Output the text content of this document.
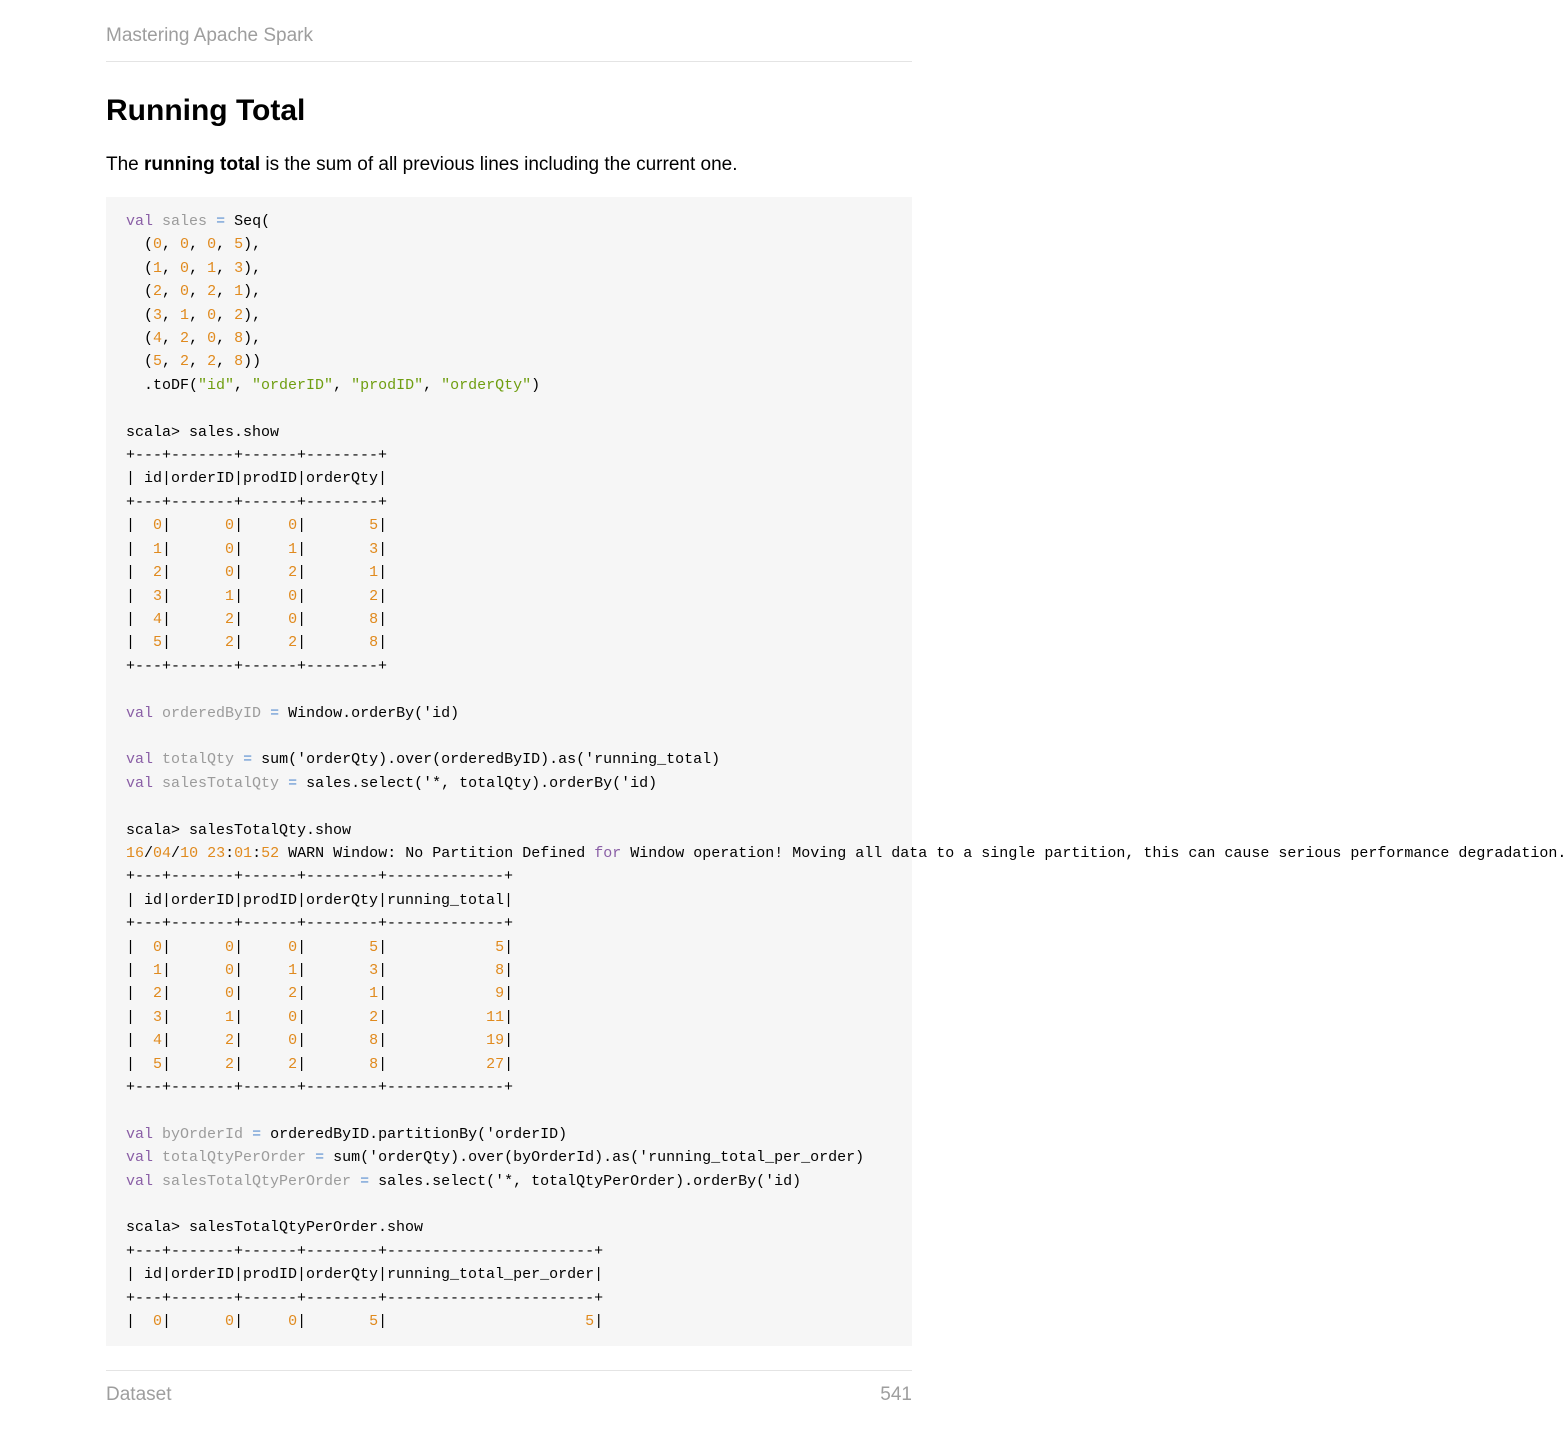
Mastering Apache Spark
Running Total

The running total is the sum of all previous lines including the current one.

val sales = Seq(
(0, 0, 0, 5),
(1, 0, 1, 3),
(2, 0, 2, 1),
(3, 1, 0, 2),
(4, 2, 0, 8),
(5, 2, 2, 8))
.toDF("id", "orderID", "prodID", "orderQty")

scala> sales.show
+---+-------+------+--------+
| id|orderID|prodID|orderQty|
+---+-------+------+--------+
|  0|      0|     0|       5|
|  1|      0|     1|       3|
|  2|      0|     2|       1|
|  3|      1|     0|       2|
|  4|      2|     0|       8|
|  5|      2|     2|       8|
+---+-------+------+--------+

val orderedByID = Window.orderBy('id)

val totalQty = sum('orderQty).over(orderedByID).as('running_total)
val salesTotalQty = sales.select('*, totalQty).orderBy('id)

scala> salesTotalQty.show
16/04/10 23:01:52 WARN Window: No Partition Defined for Window operation! Moving all data to a single partition, this can cause serious performance degradation.
+---+-------+------+--------+-------------+
| id|orderID|prodID|orderQty|running_total|
+---+-------+------+--------+-------------+
|  0|      0|     0|       5|            5|
|  1|      0|     1|       3|            8|
|  2|      0|     2|       1|            9|
|  3|      1|     0|       2|           11|
|  4|      2|     0|       8|           19|
|  5|      2|     2|       8|           27|
+---+-------+------+--------+-------------+

val byOrderId = orderedByID.partitionBy('orderID)
val totalQtyPerOrder = sum('orderQty).over(byOrderId).as('running_total_per_order)
val salesTotalQtyPerOrder = sales.select('*, totalQtyPerOrder).orderBy('id)

scala> salesTotalQtyPerOrder.show
+---+-------+------+--------+-----------------------+
| id|orderID|prodID|orderQty|running_total_per_order|
+---+-------+------+--------+-----------------------+
|  0|      0|     0|       5|                      5|
Dataset	541
